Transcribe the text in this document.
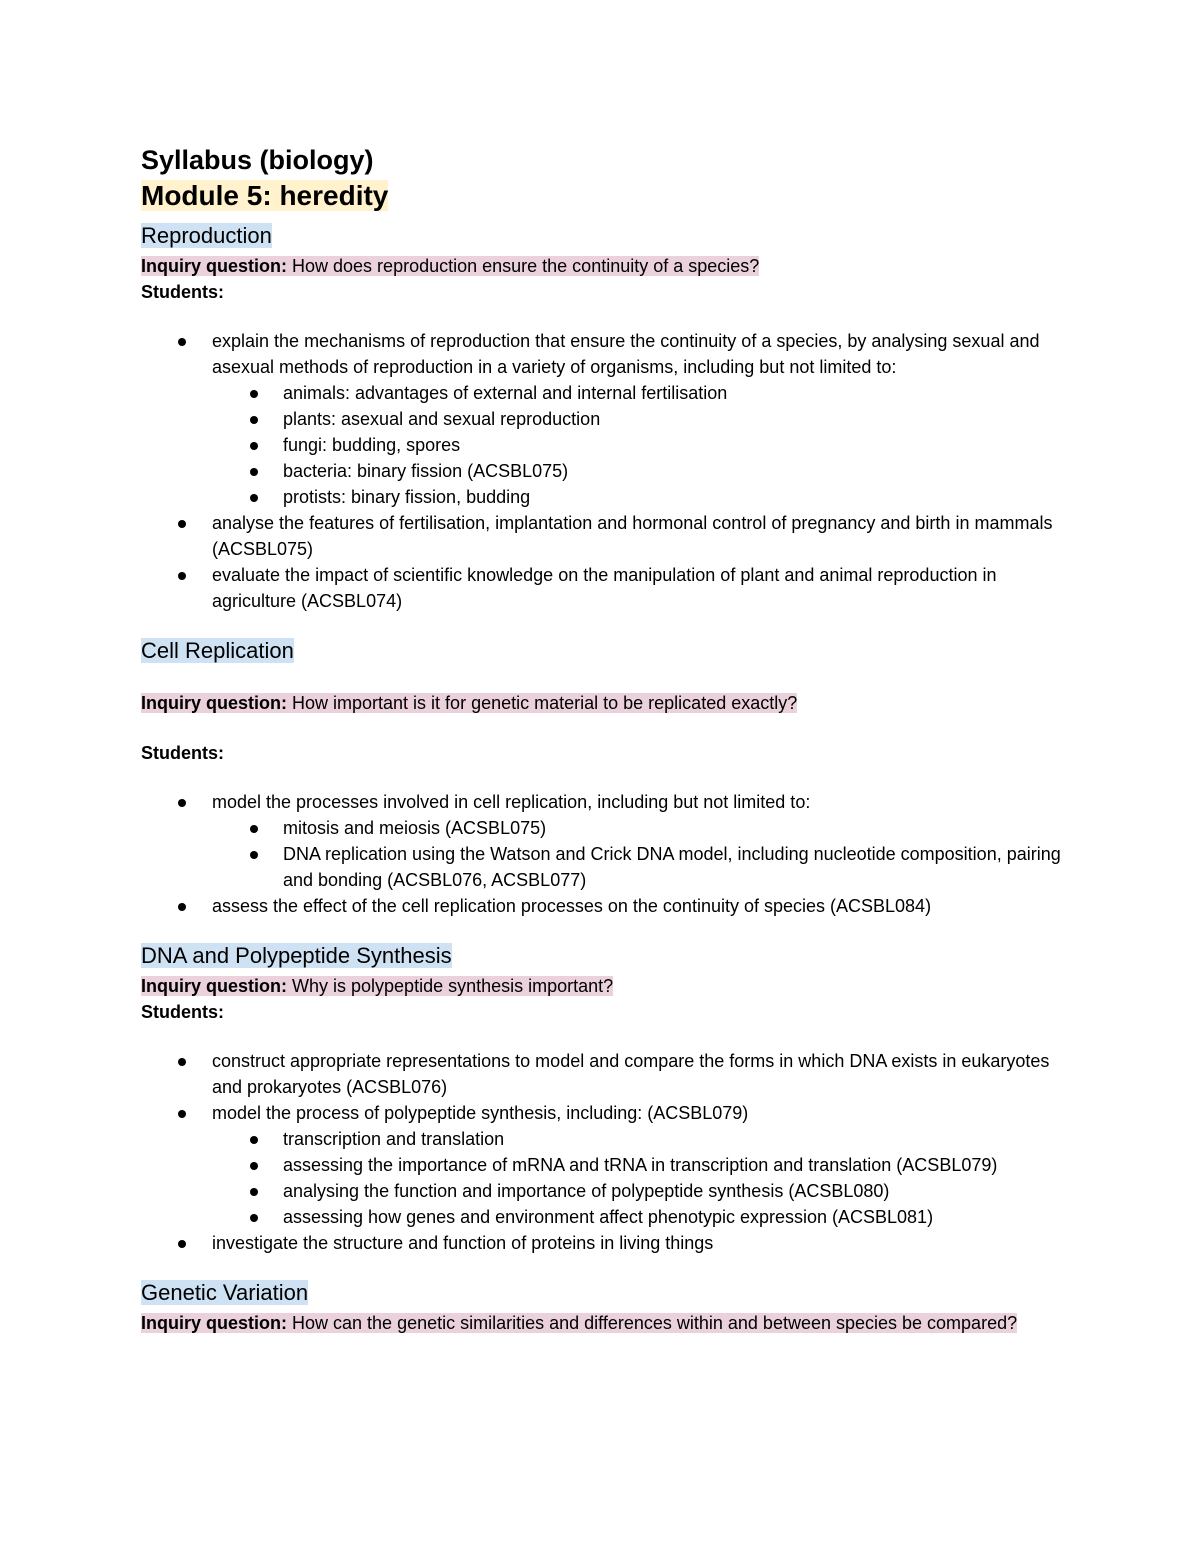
Syllabus (biology)
Module 5: heredity
Reproduction

Inquiry question: How does reproduction ensure the continuity of a species?

Students:

explain the mechanisms of reproduction that ensure the continuity of a species, by analysing sexual and asexual methods of reproduction in a variety of organisms, including but not limited to:
animals: advantages of external and internal fertilisation
plants: asexual and sexual reproduction
fungi: budding, spores
bacteria: binary fission (ACSBL075)
protists: binary fission, budding
analyse the features of fertilisation, implantation and hormonal control of pregnancy and birth in mammals (ACSBL075)
evaluate the impact of scientific knowledge on the manipulation of plant and animal reproduction in agriculture (ACSBL074)
Cell Replication

Inquiry question: How important is it for genetic material to be replicated exactly?

Students:

model the processes involved in cell replication, including but not limited to:
mitosis and meiosis (ACSBL075)
DNA replication using the Watson and Crick DNA model, including nucleotide composition, pairing and bonding (ACSBL076, ACSBL077)
assess the effect of the cell replication processes on the continuity of species (ACSBL084)
DNA and Polypeptide Synthesis

Inquiry question: Why is polypeptide synthesis important?

Students:

construct appropriate representations to model and compare the forms in which DNA exists in eukaryotes and prokaryotes (ACSBL076)
model the process of polypeptide synthesis, including: (ACSBL079)
transcription and translation
assessing the importance of mRNA and tRNA in transcription and translation (ACSBL079)
analysing the function and importance of polypeptide synthesis (ACSBL080)
assessing how genes and environment affect phenotypic expression (ACSBL081)
investigate the structure and function of proteins in living things
Genetic Variation

Inquiry question: How can the genetic similarities and differences within and between species be compared?
